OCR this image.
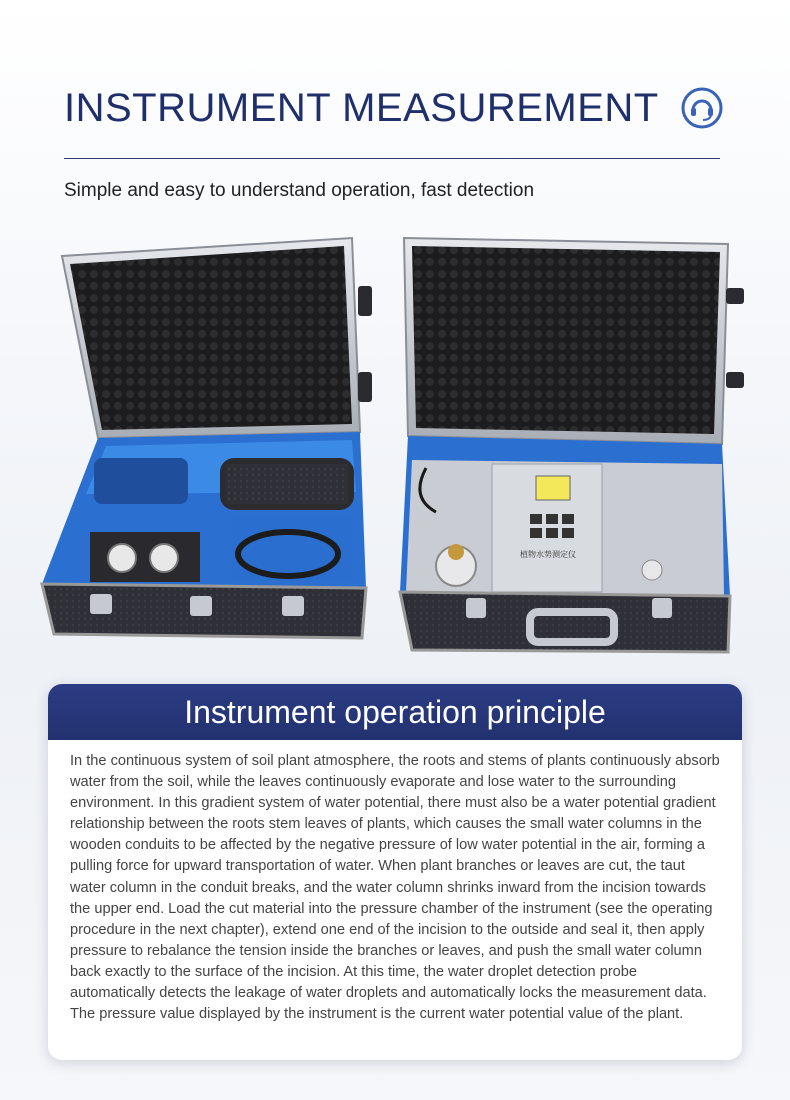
INSTRUMENT MEASUREMENT
Simple and easy to understand operation, fast detection
植物水势测定仪
Instrument operation principle

In the continuous system of soil plant atmosphere, the roots and stems of plants continuously absorb water from the soil, while the leaves continuously evaporate and lose water to the surrounding environment. In this gradient system of water potential, there must also be a water potential gradient relationship between the roots stem leaves of plants, which causes the small water columns in the wooden conduits to be affected by the negative pressure of low water potential in the air, forming a pulling force for upward transportation of water. When plant branches or leaves are cut, the taut water column in the conduit breaks, and the water column shrinks inward from the incision towards the upper end. Load the cut material into the pressure chamber of the instrument (see the operating procedure in the next chapter), extend one end of the incision to the outside and seal it, then apply pressure to rebalance the tension inside the branches or leaves, and push the small water column back exactly to the surface of the incision. At this time, the water droplet detection probe automatically detects the leakage of water droplets and automatically locks the measurement data. The pressure value displayed by the instrument is the current water potential value of the plant.
